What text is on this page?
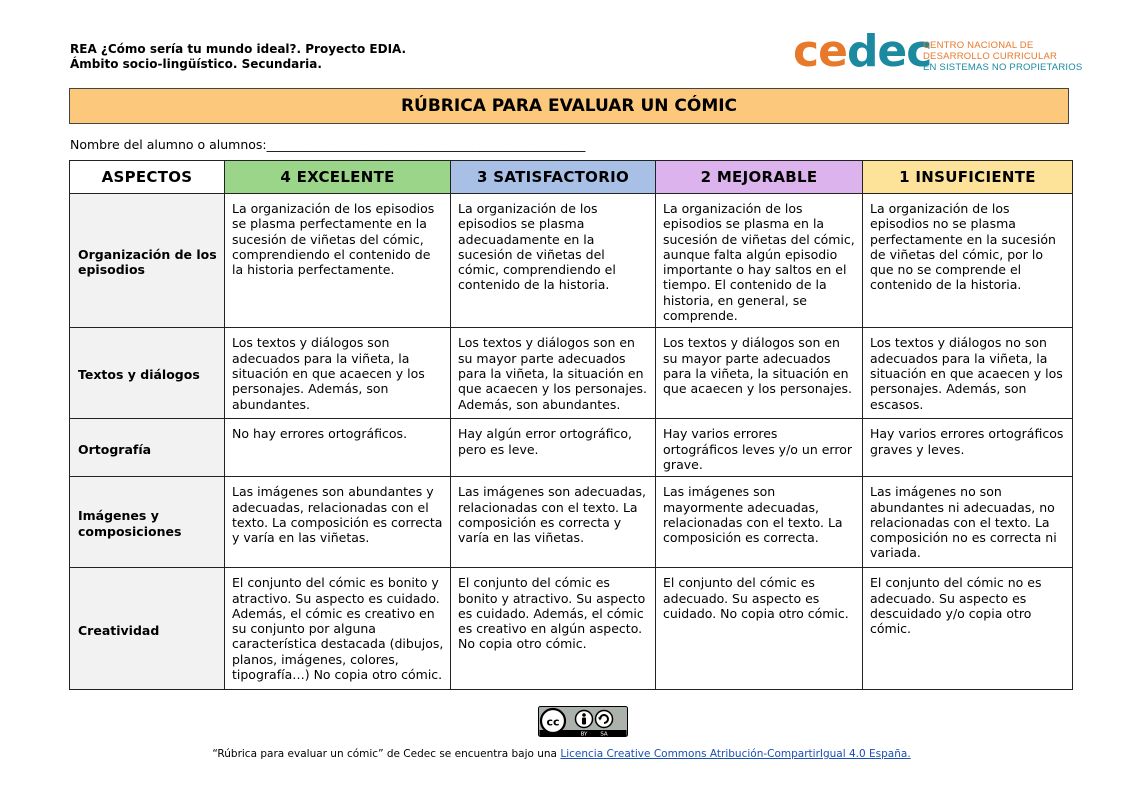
REA ¿Cómo sería tu mundo ideal?. Proyecto EDIA.
Ámbito socio-lingüístico. Secundaria.	cedec
CENTRO NACIONAL DE
DESARROLLO CURRICULAR
EN SISTEMAS NO PROPIETARIOS
RÚBRICA PARA EVALUAR UN CÓMIC
Nombre del alumno o alumnos:___________________________________________________
ASPECTOS	4 EXCELENTE	3 SATISFACTORIO	2 MEJORABLE	1 INSUFICIENTE
Organización de los episodios	La organización de los episodios se plasma perfectamente en la sucesión de viñetas del cómic, comprendiendo el contenido de la historia perfectamente.	La organización de los episodios se plasma adecuadamente en la sucesión de viñetas del cómic, comprendiendo el contenido de la historia.	La organización de los episodios se plasma en la sucesión de viñetas del cómic, aunque falta algún episodio importante o hay saltos en el tiempo. El contenido de la historia, en general, se comprende.	La organización de los episodios no se plasma perfectamente en la sucesión de viñetas del cómic, por lo que no se comprende el contenido de la historia.
Textos y diálogos	Los textos y diálogos son adecuados para la viñeta, la situación en que acaecen y los personajes. Además, son abundantes.	Los textos y diálogos son en su mayor parte adecuados para la viñeta, la situación en que acaecen y los personajes. Además, son abundantes.	Los textos y diálogos son en su mayor parte adecuados para la viñeta, la situación en que acaecen y los personajes.	Los textos y diálogos no son adecuados para la viñeta, la situación en que acaecen y los personajes. Además, son escasos.
Ortografía	No hay errores ortográficos.	Hay algún error ortográfico, pero es leve.	Hay varios errores ortográficos leves y/o un error grave.	Hay varios errores ortográficos graves y leves.
Imágenes y composiciones	Las imágenes son abundantes y adecuadas, relacionadas con el texto. La composición es correcta y varía en las viñetas.	Las imágenes son adecuadas, relacionadas con el texto. La composición es correcta y varía en las viñetas.	Las imágenes son mayormente adecuadas, relacionadas con el texto. La composición es correcta.	Las imágenes no son abundantes ni adecuadas, no relacionadas con el texto. La composición no es correcta ni variada.
Creatividad	El conjunto del cómic es bonito y atractivo. Su aspecto es cuidado. Además, el cómic es creativo en su conjunto por alguna característica destacada (dibujos, planos, imágenes, colores, tipografía…) No copia otro cómic.	El conjunto del cómic es bonito y atractivo. Su aspecto es cuidado. Además, el cómic es creativo en algún aspecto. No copia otro cómic.	El conjunto del cómic es adecuado. Su aspecto es cuidado. No copia otro cómic.	El conjunto del cómic no es adecuado. Su aspecto es descuidado y/o copia otro cómic.
cc
BY SA
“Rúbrica para evaluar un cómic” de Cedec se encuentra bajo una Licencia Creative Commons Atribución-CompartirIgual 4.0 España.
